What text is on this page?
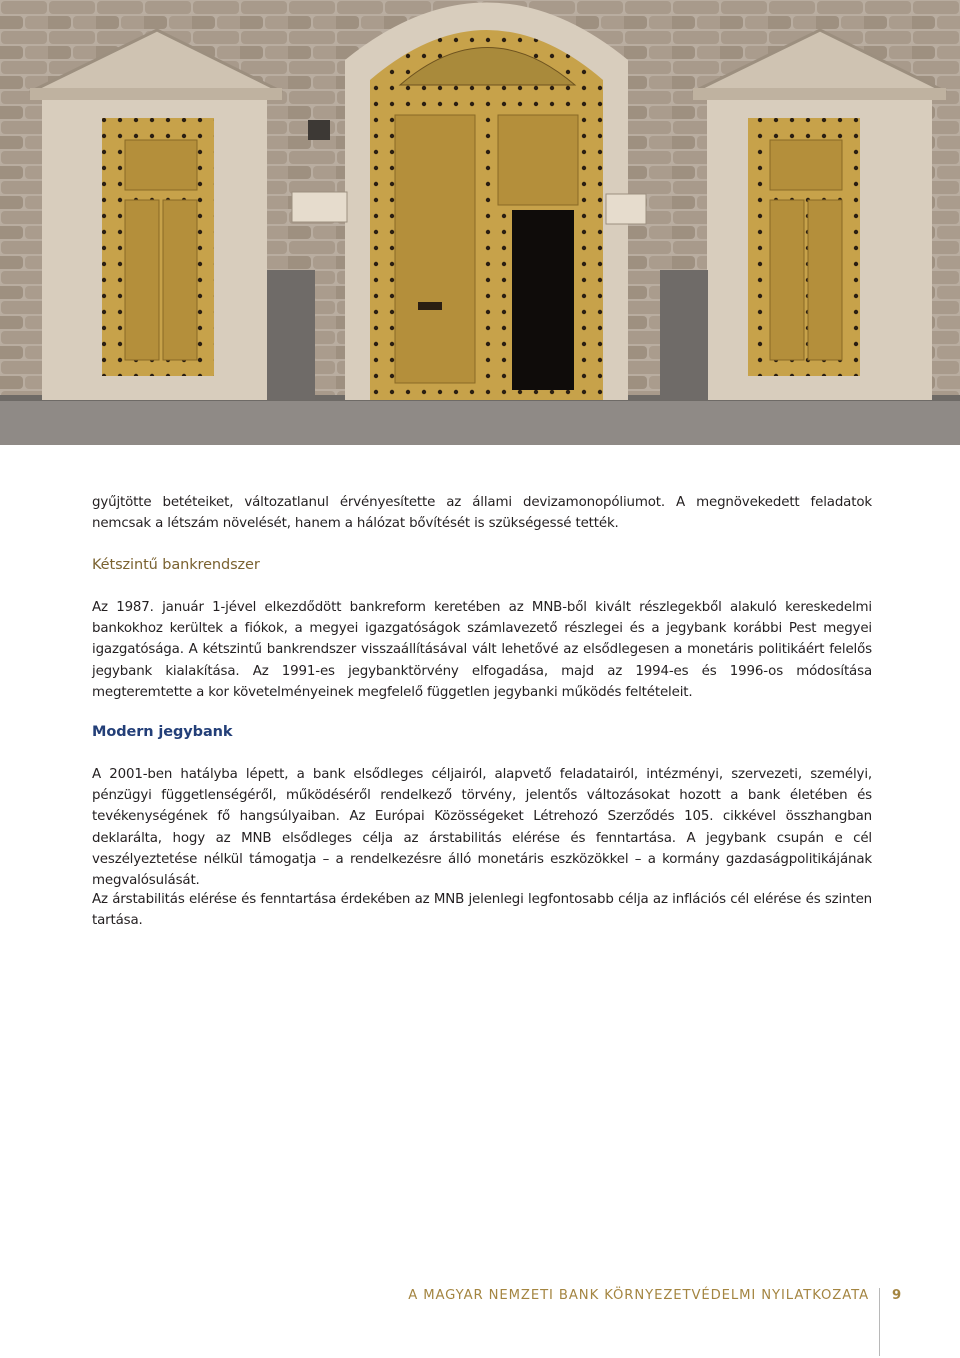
gyűjtötte betéteiket, változatlanul érvényesítette az állami devizamonopóliumot. A megnövekedett feladatok nemcsak a létszám növelését, hanem a hálózat bővítését is szükségessé tették.

Kétszintű bankrendszer

Az 1987. január 1-jével elkezdődött bankreform keretében az MNB-ből kivált részlegekből alakuló kereskedelmi bankokhoz kerültek a fiókok, a megyei igazgatóságok számlavezető részlegei és a jegybank korábbi Pest megyei igazgatósága. A kétszintű bankrendszer visszaállításával vált lehetővé az elsődlegesen a monetáris politikáért felelős jegybank kialakítása. Az 1991-es jegybanktörvény elfogadása, majd az 1994-es és 1996-os módosítása megteremtette a kor követelményeinek megfelelő független jegybanki működés feltételeit.

Modern jegybank

A 2001-ben hatályba lépett, a bank elsődleges céljairól, alapvető feladatairól, intézményi, szervezeti, személyi, pénzügyi függetlenségéről, működéséről rendelkező törvény, jelentős változásokat hozott a bank életében és tevékenységének fő hangsúlyaiban. Az Európai Közösségeket Létrehozó Szerződés 105. cikkével összhangban deklarálta, hogy az MNB elsődleges célja az árstabilitás elérése és fenntartása. A jegybank csupán e cél veszélyeztetése nélkül támogatja – a rendelkezésre álló monetáris eszközökkel – a kormány gazdaságpolitikájának megvalósulását.

Az árstabilitás elérése és fenntartása érdekében az MNB jelenlegi legfontosabb célja az inflációs cél elérése és szinten tartása.

A MAGYAR NEMZETI BANK KÖRNYEZETVÉDELMI NYILATKOZATA 9
